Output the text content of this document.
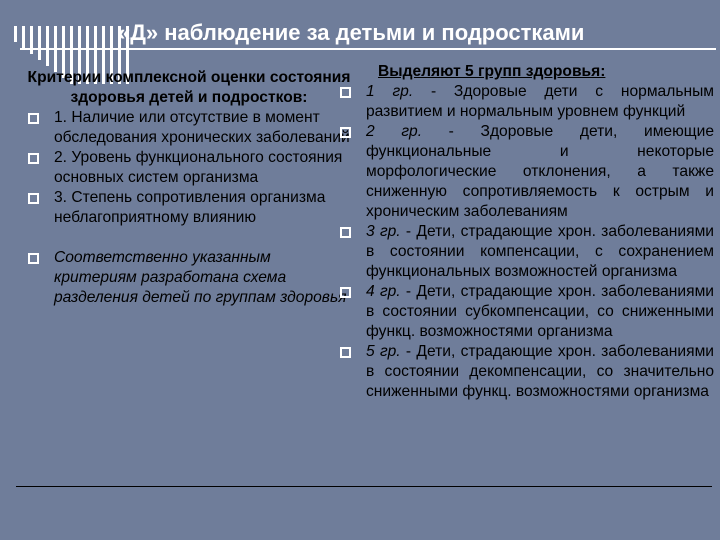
«Д» наблюдение за детьми и подростками
Критерии комплексной оценки состояния здоровья детей и подростков:
1. Наличие или отсутствие в момент обследования хронических заболеваний
2. Уровень функционального состояния основных систем организма
3. Степень сопротивления организма неблагоприятному влиянию
Соответственно указанным критериям разработана схема разделения детей по группам здоровья
Выделяют 5 групп здоровья:
1 гр. - Здоровые дети с нормальным развитием и нормальным уровнем функций
2 гр. - Здоровые дети, имеющие функциональные и некоторые морфологические отклонения, а также сниженную сопротивляемость к острым и хроническим заболеваниям
3 гр. - Дети, страдающие хрон. заболеваниями в состоянии компенсации, с сохранением функциональных возможностей организма
4 гр. - Дети, страдающие хрон. заболеваниями в состоянии субкомпенсации, со сниженными функц. возможностями организма
5 гр. - Дети, страдающие хрон. заболеваниями в состоянии декомпенсации, со значительно сниженными функц. возможностями организма
